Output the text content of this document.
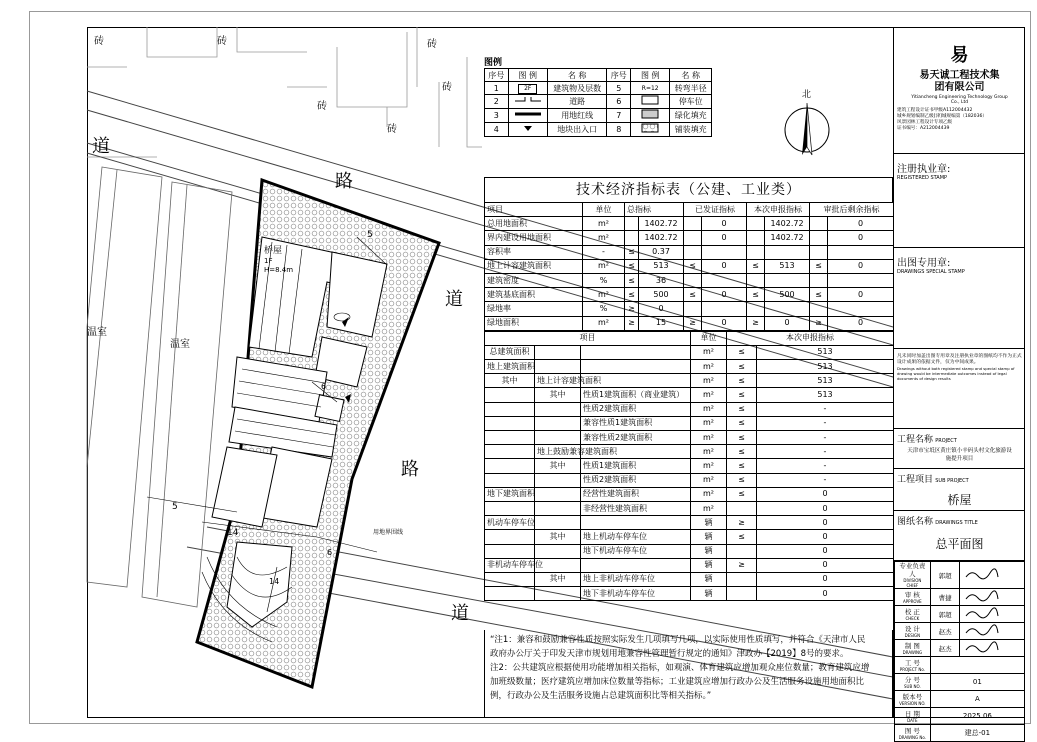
砖	砖	砖
砖
砖
砖
道
路
道
路
道
温室
温室
桥屋
1F
H=8.4m
5
5
6
14
6
14
用地界围线
图例
序号	图 例	名 称	序号	图 例	名 称
1	2F	建筑物及层数	5	R=12	转弯半径
2		道路	6		停车位
3		用地红线	7		绿化填充
4		地块出入口	8		铺装填充
北
技术经济指标表（公建、工业类）
项目	单位	总指标		已发证指标		本次申报指标		审批后剩余指标	
总用地面积	m²		1402.72		0		1402.72		0
界内建设用地面积	m²		1402.72		0		1402.72		0
容积率	-	≤	0.37						
地上计容建筑面积	m²	≤	513	≤	0	≤	513	≤	0
建筑密度	%	≤	36						
建筑基底面积	m²	≤	500	≤	0	≤	500	≤	0
绿地率	%	≥	0						
绿地面积	m²	≥	15	≥	0	≥	0	≥	0
项目			单位	本次申报指标	
总建筑面积			m²	≤	513
地上建筑面积			m²	≤	513
其中	地上计容建筑面积		m²	≤	513
	其中	性质1建筑面积（商业建筑）	m²	≤	513
		性质2建筑面积	m²	≤	-
		兼容性质1建筑面积	m²	≤	-
		兼容性质2建筑面积	m²	≤	-
	地上鼓励兼容建筑面积		m²	≤	-
	其中	性质1建筑面积	m²	≤	-
		性质2建筑面积	m²	≤	-
地下建筑面积		经营性建筑面积	m²	≤	0
		非经营性建筑面积	m²		0
机动车停车位			辆	≥	0
	其中	地上机动车停车位	辆	≤	0
		地下机动车停车位	辆		0
非机动车停车位			辆	≥	0
	其中	地上非机动车停车位	辆		0
		地下非机动车停车位	辆		0
“注1：兼容和鼓励兼容性质按照实际发生几项填写几项，以实际使用性质填写，并符合《天津市人民
政府办公厅关于印发天津市规划用地兼容性管理暂行规定的通知》津政办【2019】8号的要求。
注2：公共建筑应根据使用功能增加相关指标，如观演、体育建筑应增加观众座位数量；教育建筑应增
加班级数量；医疗建筑应增加床位数量等指标；工业建筑应增加行政办公及生活服务设施用地面积比
例，行政办公及生活服务设施占总建筑面积比等相关指标。”
易
易天诚工程技术集团有限公司
Yitiancheng Engineering Technology Group Co., Ltd
建筑工程设计证书甲级A112004432
城乡规划编制乙级[津]城规编第（182036）
风景园林工程设计专项乙级
证书编号：A212004439
注册执业章:
REGISTERED STAMP
出图专用章:
DRAWINGS SPECIAL STAMP
凡未同时加盖出图专用章及注册执业章的图纸均不作为正式设计成果的依据文件，仅为中间成果。
Drawings without both registered stamp and special stamp of drawing would be intermediate outcomes instead of legal documents of design results
工程名称 PROJECT
天津市宝坻区黄庄镇小辛码头村文化旅游设施提升项目
工程项目 SUB PROJECT
桥屋
图纸名称 DRAWINGS TITLE
总平面图
专业负责人
DIVISION CHIEF	郭超	

审 核
APPROVE	曹捷	

校 正
CHECK	郭超	

设 计
DESIGN	赵杰	

制 图
DRAWING	赵杰	

工 号
PROJECT No.		

分 号
SUB NO.	01	

版本号
VERSION NO.	A	

日 期
DATE	2025.06	

图 号
DRAWING No.	建总-01	
